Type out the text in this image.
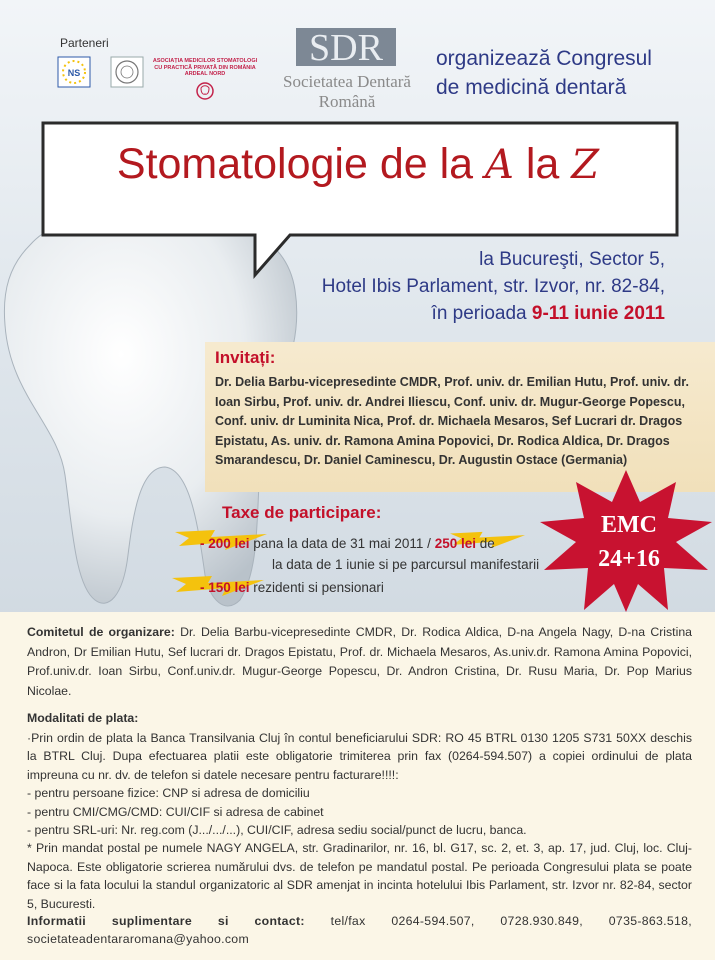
Parteneri
NS
ASOCIAȚIA MEDICILOR STOMATOLOGI CU PRACTICĂ PRIVATĂ DIN ROMÂNIA ARDEAL NORD
SDR
Societatea Dentară
Română
organizează Congresul
de medicină dentară
Stomatologie de la A la Z
la Bucureşti, Sector 5,
Hotel Ibis Parlament, str. Izvor, nr. 82-84,
în perioada 9-11 iunie 2011
Invitați:
Dr. Delia Barbu-vicepresedinte CMDR, Prof. univ. dr. Emilian Hutu, Prof. univ. dr. Ioan Sirbu, Prof. univ. dr. Andrei Iliescu, Conf. univ. dr. Mugur-George Popescu, Conf. univ. dr Luminita Nica, Prof. dr. Michaela Mesaros, Sef Lucrari dr. Dragos Epistatu, As. univ. dr. Ramona Amina Popovici, Dr. Rodica Aldica, Dr. Dragos Smarandescu, Dr. Daniel Caminescu, Dr. Augustin Ostace (Germania)
Taxe de participare:
- 200 lei pana la data de 31 mai 2011 / 250 lei de
la data de 1 iunie si pe parcursul manifestarii
- 150 lei rezidenti si pensionari
EMC
24+16
Comitetul de organizare: Dr. Delia Barbu-vicepresedinte CMDR, Dr. Rodica Aldica, D-na Angela Nagy, D-na Cristina Andron, Dr Emilian Hutu, Sef lucrari dr. Dragos Epistatu, Prof. dr. Michaela Mesaros, As.univ.dr. Ramona Amina Popovici, Prof.univ.dr. Ioan Sirbu, Conf.univ.dr. Mugur-George Popescu, Dr. Andron Cristina, Dr. Rusu Maria, Dr. Pop Marius Nicolae.
Modalitati de plata:
·Prin ordin de plata la Banca Transilvania Cluj în contul beneficiarului SDR: RO 45 BTRL 0130 1205 S731 50XX deschis la BTRL Cluj. Dupa efectuarea platii este obligatorie trimiterea prin fax (0264-594.507) a copiei ordinului de plata impreuna cu nr. dv. de telefon si datele necesare pentru facturare!!!!:
- pentru persoane fizice: CNP si adresa de domiciliu
- pentru CMI/CMG/CMD: CUI/CIF si adresa de cabinet
- pentru SRL-uri: Nr. reg.com (J.../.../...), CUI/CIF, adresa sediu social/punct de lucru, banca.
* Prin mandat postal pe numele NAGY ANGELA, str. Gradinarilor, nr. 16, bl. G17, sc. 2, et. 3, ap. 17, jud. Cluj, loc. Cluj-Napoca. Este obligatorie scrierea numărului dvs. de telefon pe mandatul postal. Pe perioada Congresului plata se poate face si la fata locului la standul organizatoric al SDR amenjat in incinta hotelului Ibis Parlament, str. Izvor nr. 82-84, sector 5, Bucuresti.
Informatii suplimentare si contact: tel/fax 0264-594.507, 0728.930.849, 0735-863.518, societateadentararomana@yahoo.com
